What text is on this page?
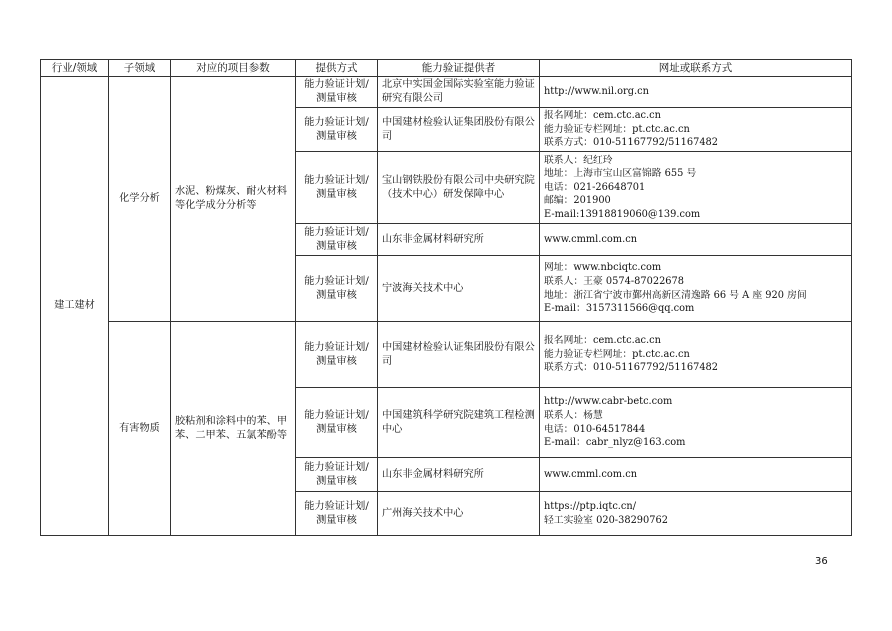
行业/领域	子领域	对应的项目参数	提供方式	能力验证提供者	网址或联系方式
建工建材	化学分析	水泥、粉煤灰、耐火材料等化学成分分析等	能力验证计划/测量审核	北京中实国金国际实验室能力验证研究有限公司	http://www.nil.org.cn

			能力验证计划/测量审核	中国建材检验认证集团股份有限公司	报名网址：cem.ctc.ac.cn
能力验证专栏网址：pt.ctc.ac.cn
联系方式：010-51167792/51167482

			能力验证计划/测量审核	宝山钢铁股份有限公司中央研究院（技术中心）研发保障中心	联系人：纪红玲
地址：上海市宝山区富锦路 655 号
电话：021-26648701
邮编：201900
E-mail:13918819060@139.com

			能力验证计划/测量审核	山东非金属材料研究所	www.cmml.com.cn

			能力验证计划/测量审核	宁波海关技术中心	网址：www.nbciqtc.com
联系人：王豪 0574-87022678
地址：浙江省宁波市鄞州高新区清逸路 66 号 A 座 920 房间
E-mail：3157311566@qq.com

	有害物质	胶粘剂和涂料中的苯、甲苯、二甲苯、五氯苯酚等	能力验证计划/测量审核	中国建材检验认证集团股份有限公司	报名网址：cem.ctc.ac.cn
能力验证专栏网址：pt.ctc.ac.cn
联系方式：010-51167792/51167482

			能力验证计划/测量审核	中国建筑科学研究院建筑工程检测中心	http://www.cabr-betc.com
联系人：杨慧
电话：010-64517844
E-mail：cabr_nlyz@163.com

			能力验证计划/测量审核	山东非金属材料研究所	www.cmml.com.cn

			能力验证计划/测量审核	广州海关技术中心	https://ptp.iqtc.cn/
轻工实验室 020-38290762
36
